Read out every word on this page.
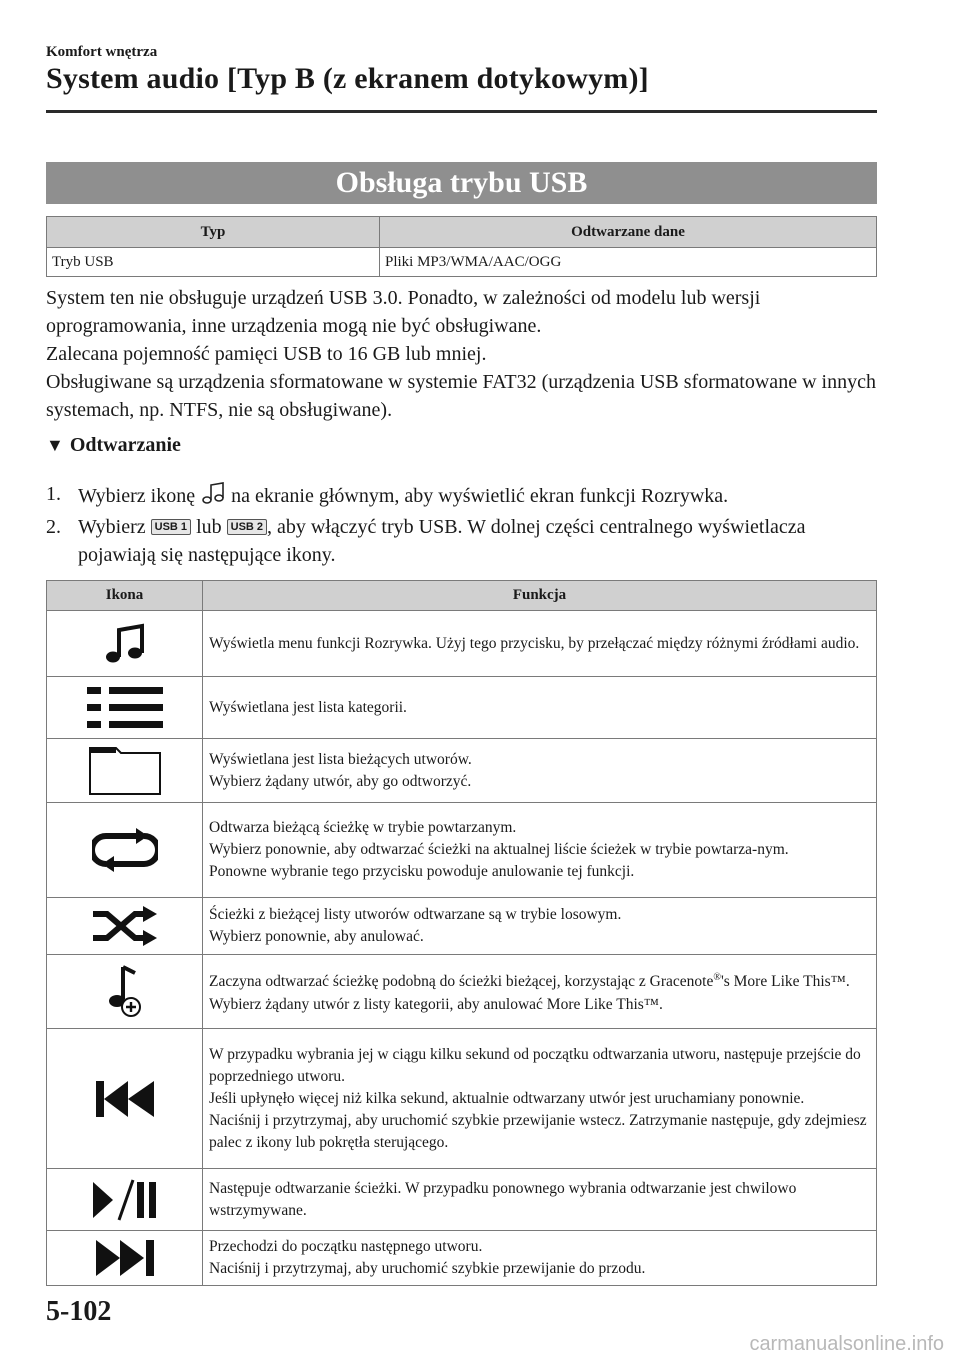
Komfort wnętrza
System audio [Typ B (z ekranem dotykowym)]
Obsługa trybu USB
Typ	Odtwarzane dane
Tryb USB	Pliki MP3/WMA/AAC/OGG

System ten nie obsługuje urządzeń USB 3.0. Ponadto, w zależności od modelu lub wersji oprogramowania, inne urządzenia mogą nie być obsługiwane.

Zalecana pojemność pamięci USB to 16 GB lub mniej.

Obsługiwane są urządzenia sformatowane w systemie FAT32 (urządzenia USB sformatowane w innych systemach, np. NTFS, nie są obsługiwane).

▼ Odtwarzanie
1. Wybierz ikonę  na ekranie głównym, aby wyświetlić ekran funkcji Rozrywka.
2. Wybierz USB 1 lub USB 2 , aby włączyć tryb USB. W dolnej części centralnego wyświetlacza pojawiają się następujące ikony.
Ikona	Funkcja

Wyświetla menu funkcji Rozrywka. Użyj tego przycisku, by przełączać między różnymi źródłami audio.

Wyświetlana jest lista kategorii.

Wyświetlana jest lista bieżących utworów.
Wybierz żądany utwór, aby go odtworzyć.

Odtwarza bieżącą ścieżkę w trybie powtarzanym.
Wybierz ponownie, aby odtwarzać ścieżki na aktualnej liście ścieżek w trybie powtarza-nym.
Ponowne wybranie tego przycisku powoduje anulowanie tej funkcji.

Ścieżki z bieżącej listy utworów odtwarzane są w trybie losowym.
Wybierz ponownie, aby anulować.

Zaczyna odtwarzać ścieżkę podobną do ścieżki bieżącej, korzystając z Gracenote®'s More Like This™.
Wybierz żądany utwór z listy kategorii, aby anulować More Like This™.

W przypadku wybrania jej w ciągu kilku sekund od początku odtwarzania utworu, następuje przejście do poprzedniego utworu.
Jeśli upłynęło więcej niż kilka sekund, aktualnie odtwarzany utwór jest uruchamiany ponownie.
Naciśnij i przytrzymaj, aby uruchomić szybkie przewijanie wstecz. Zatrzymanie następuje, gdy zdejmiesz palec z ikony lub pokrętła sterującego.

Następuje odtwarzanie ścieżki. W przypadku ponownego wybrania odtwarzanie jest chwilowo wstrzymywane.

Przechodzi do początku następnego utworu.
Naciśnij i przytrzymaj, aby uruchomić szybkie przewijanie do przodu.
5-102
carmanualsonline.info
